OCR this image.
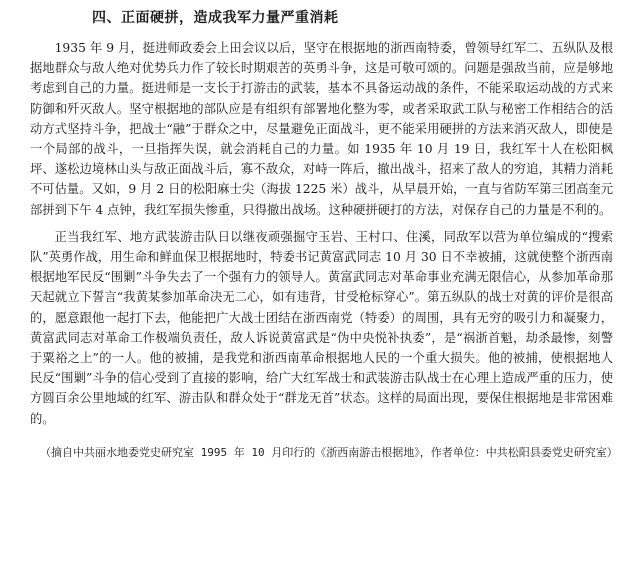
四、正面硬拼，造成我军力量严重消耗

1935 年 9 月，挺进师政委会上田会议以后，坚守在根据地的浙西南特委，曾领导红军二、五纵队及根据地群众与敌人绝对优势兵力作了较长时期艰苦的英勇斗争，这是可敬可颂的。问题是强敌当前，应是够地考虑到自己的力量。挺进师是一支长于打游击的武装，基本不具备运动战的条件，不能采取运动战的方式来防御和歼灭敌人。坚守根据地的部队应是有组织有部署地化整为零，或者采取武工队与秘密工作相结合的活动方式坚持斗争，把战士“融”于群众之中，尽量避免正面战斗，更不能采用硬拼的方法来消灭敌人，即使是一个局部的战斗，一旦指挥失误，就会消耗自己的力量。如 1935 年 10 月 19 日，我红军十人在松阳枫坪、遂松边境林山头与敌正面战斗后，寡不敌众，对峙一阵后，撤出战斗，招来了敌人的穷追，其精力消耗不可估量。又如，9 月 2 日的松阳麻士尖（海拔 1225 米）战斗，从早晨开始，一直与省防军第三团高奎元部拼到下午 4 点钟，我红军损失惨重，只得撤出战场。这种硬拼硬打的方法，对保存自己的力量是不利的。

正当我红军、地方武装游击队日以继夜顽强掘守玉岩、王村口、住溪，同敌军以营为单位编成的“搜索队”英勇作战，用生命和鲜血保卫根据地时，特委书记黄富武同志 10 月 30 日不幸被捕，这就使整个浙西南根据地军民反“围剿”斗争失去了一个强有力的领导人。黄富武同志对革命事业充满无限信心，从参加革命那天起就立下誓言“我黄某参加革命决无二心，如有违背，甘受枪标穿心”。第五纵队的战士对黄的评价是很高的，愿意跟他一起打下去，他能把广大战士团结在浙西南党（特委）的周围，具有无穷的吸引力和凝聚力，黄富武同志对革命工作极端负责任，敌人诉说黄富武是“伪中央悦补执委”，是“祸浙首魁，劫杀最惨，刻警于粟裕之上”的一人。他的被捕，是我党和浙西南革命根据地人民的一个重大损失。他的被捕，使根据地人民反“围剿”斗争的信心受到了直接的影响，给广大红军战士和武装游击队战士在心理上造成严重的压力，使方圆百余公里地域的红军、游击队和群众处于“群龙无首”状态。这样的局面出现，要保住根据地是非常困难的。

（摘自中共丽水地委党史研究室 1995 年 10 月印行的《浙西南游击根据地》，作者单位：中共松阳县委党史研究室）
